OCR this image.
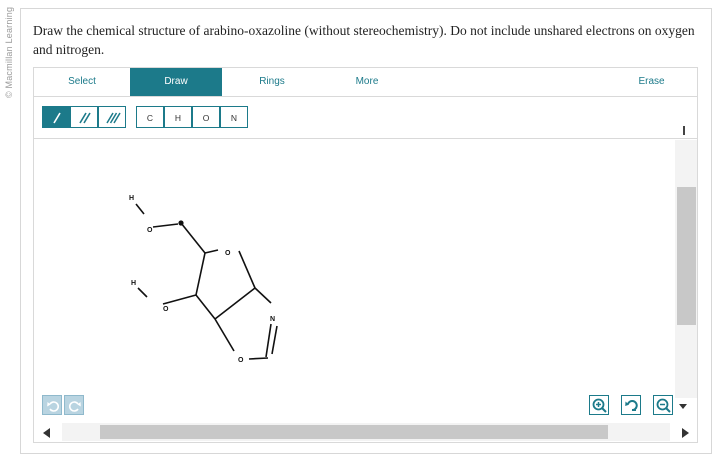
© Macmillan Learning Draw the chemical structure of arabino-oxazoline (without stereochemistry). Do not include unshared electrons on oxygen and nitrogen.
Select	Draw	Rings	More	Erase
C	H	O	N
H
O
H
O
O
N
O
